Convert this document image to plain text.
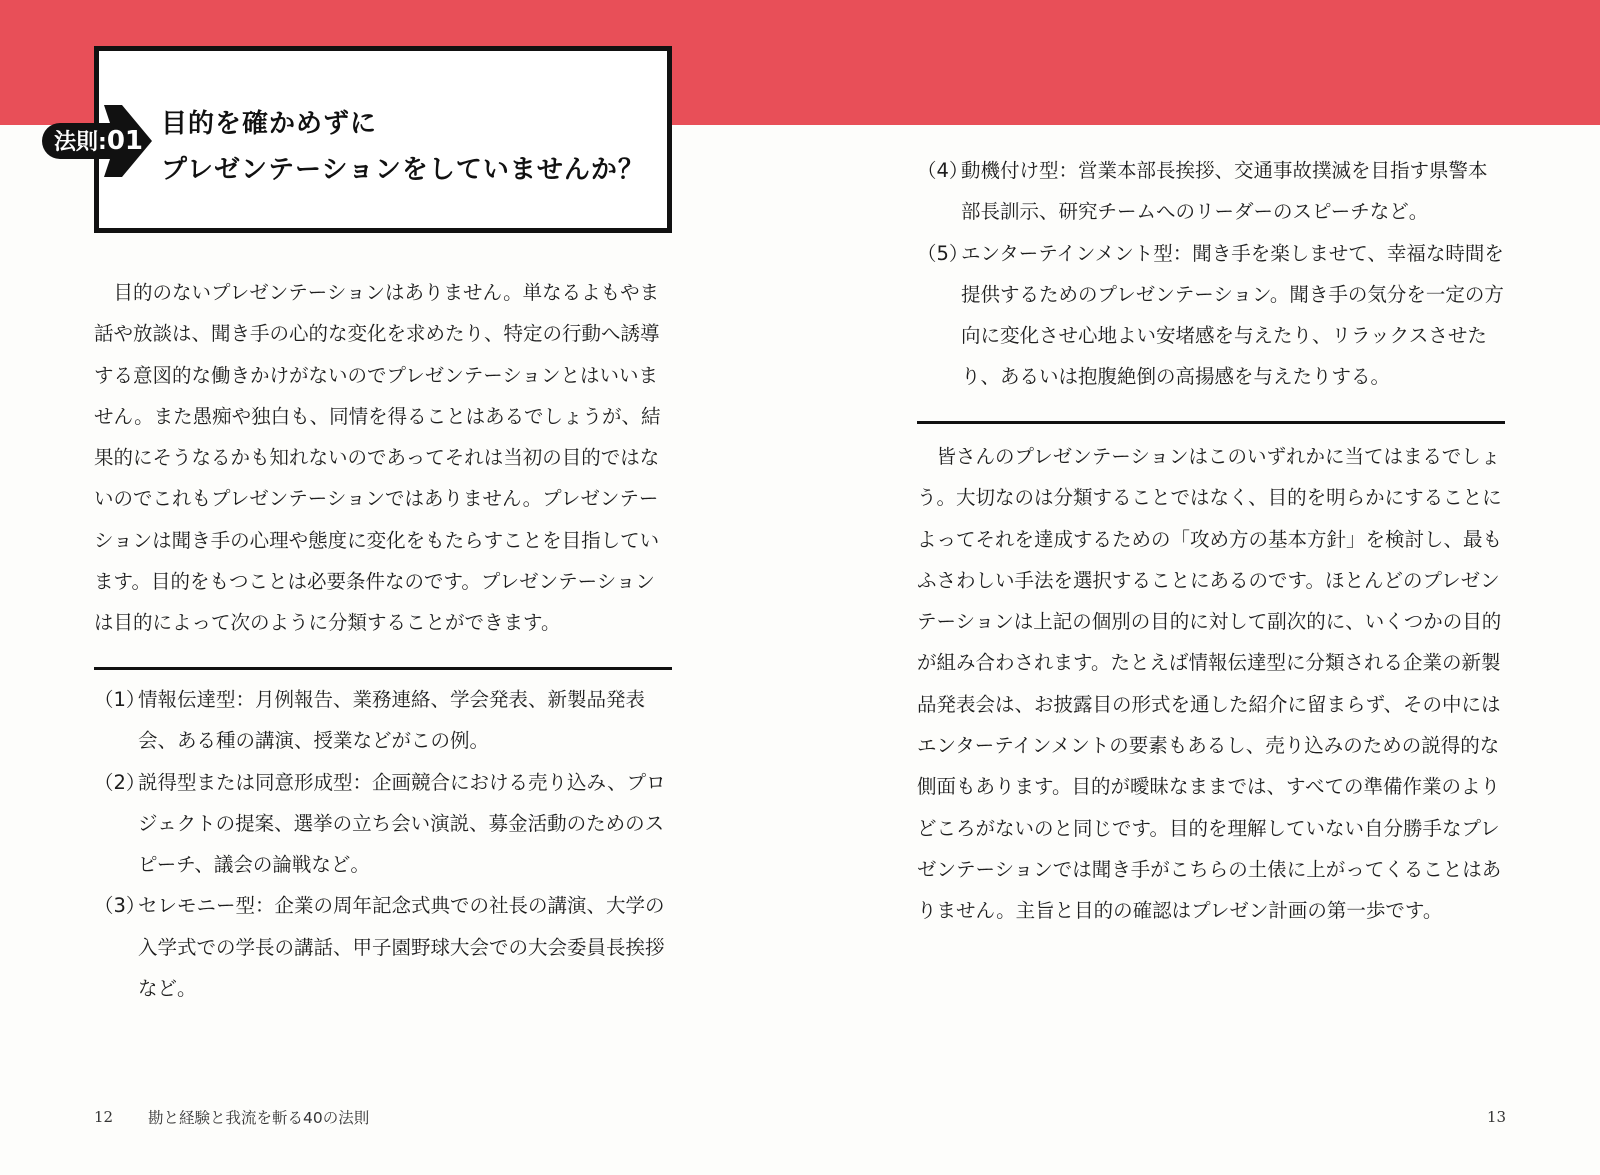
目的を確かめずに
プレゼンテーションをしていませんか？
法則:01

目的のないプレゼンテーションはありません。単なるよもやま話や放談は、聞き手の心的な変化を求めたり、特定の行動へ誘導する意図的な働きかけがないのでプレゼンテーションとはいいません。また愚痴や独白も、同情を得ることはあるでしょうが、結果的にそうなるかも知れないのであってそれは当初の目的ではないのでこれもプレゼンテーションではありません。プレゼンテーションは聞き手の心理や態度に変化をもたらすことを目指しています。目的をもつことは必要条件なのです。プレゼンテーションは目的によって次のように分類することができます。

（1）
情報伝達型：月例報告、業務連絡、学会発表、新製品発表会、ある種の講演、授業などがこの例。
（2）
説得型または同意形成型：企画競合における売り込み、プロジェクトの提案、選挙の立ち会い演説、募金活動のためのスピーチ、議会の論戦など。
（3）
セレモニー型：企業の周年記念式典での社長の講演、大学の入学式での学長の講話、甲子園野球大会での大会委員長挨拶など。
（4）
動機付け型：営業本部長挨拶、交通事故撲滅を目指す県警本部長訓示、研究チームへのリーダーのスピーチなど。
（5）
エンターテインメント型：聞き手を楽しませて、幸福な時間を提供するためのプレゼンテーション。聞き手の気分を一定の方向に変化させ心地よい安堵感を与えたり、リラックスさせたり、あるいは抱腹絶倒の高揚感を与えたりする。

皆さんのプレゼンテーションはこのいずれかに当てはまるでしょう。大切なのは分類することではなく、目的を明らかにすることによってそれを達成するための「攻め方の基本方針」を検討し、最もふさわしい手法を選択することにあるのです。ほとんどのプレゼンテーションは上記の個別の目的に対して副次的に、いくつかの目的が組み合わされます。たとえば情報伝達型に分類される企業の新製品発表会は、お披露目の形式を通した紹介に留まらず、その中にはエンターテインメントの要素もあるし、売り込みのための説得的な側面もあります。目的が曖昧なままでは、すべての準備作業のよりどころがないのと同じです。目的を理解していない自分勝手なプレゼンテーションでは聞き手がこちらの土俵に上がってくることはありません。主旨と目的の確認はプレゼン計画の第一歩です。

12 勘と経験と我流を斬る40の法則	13
